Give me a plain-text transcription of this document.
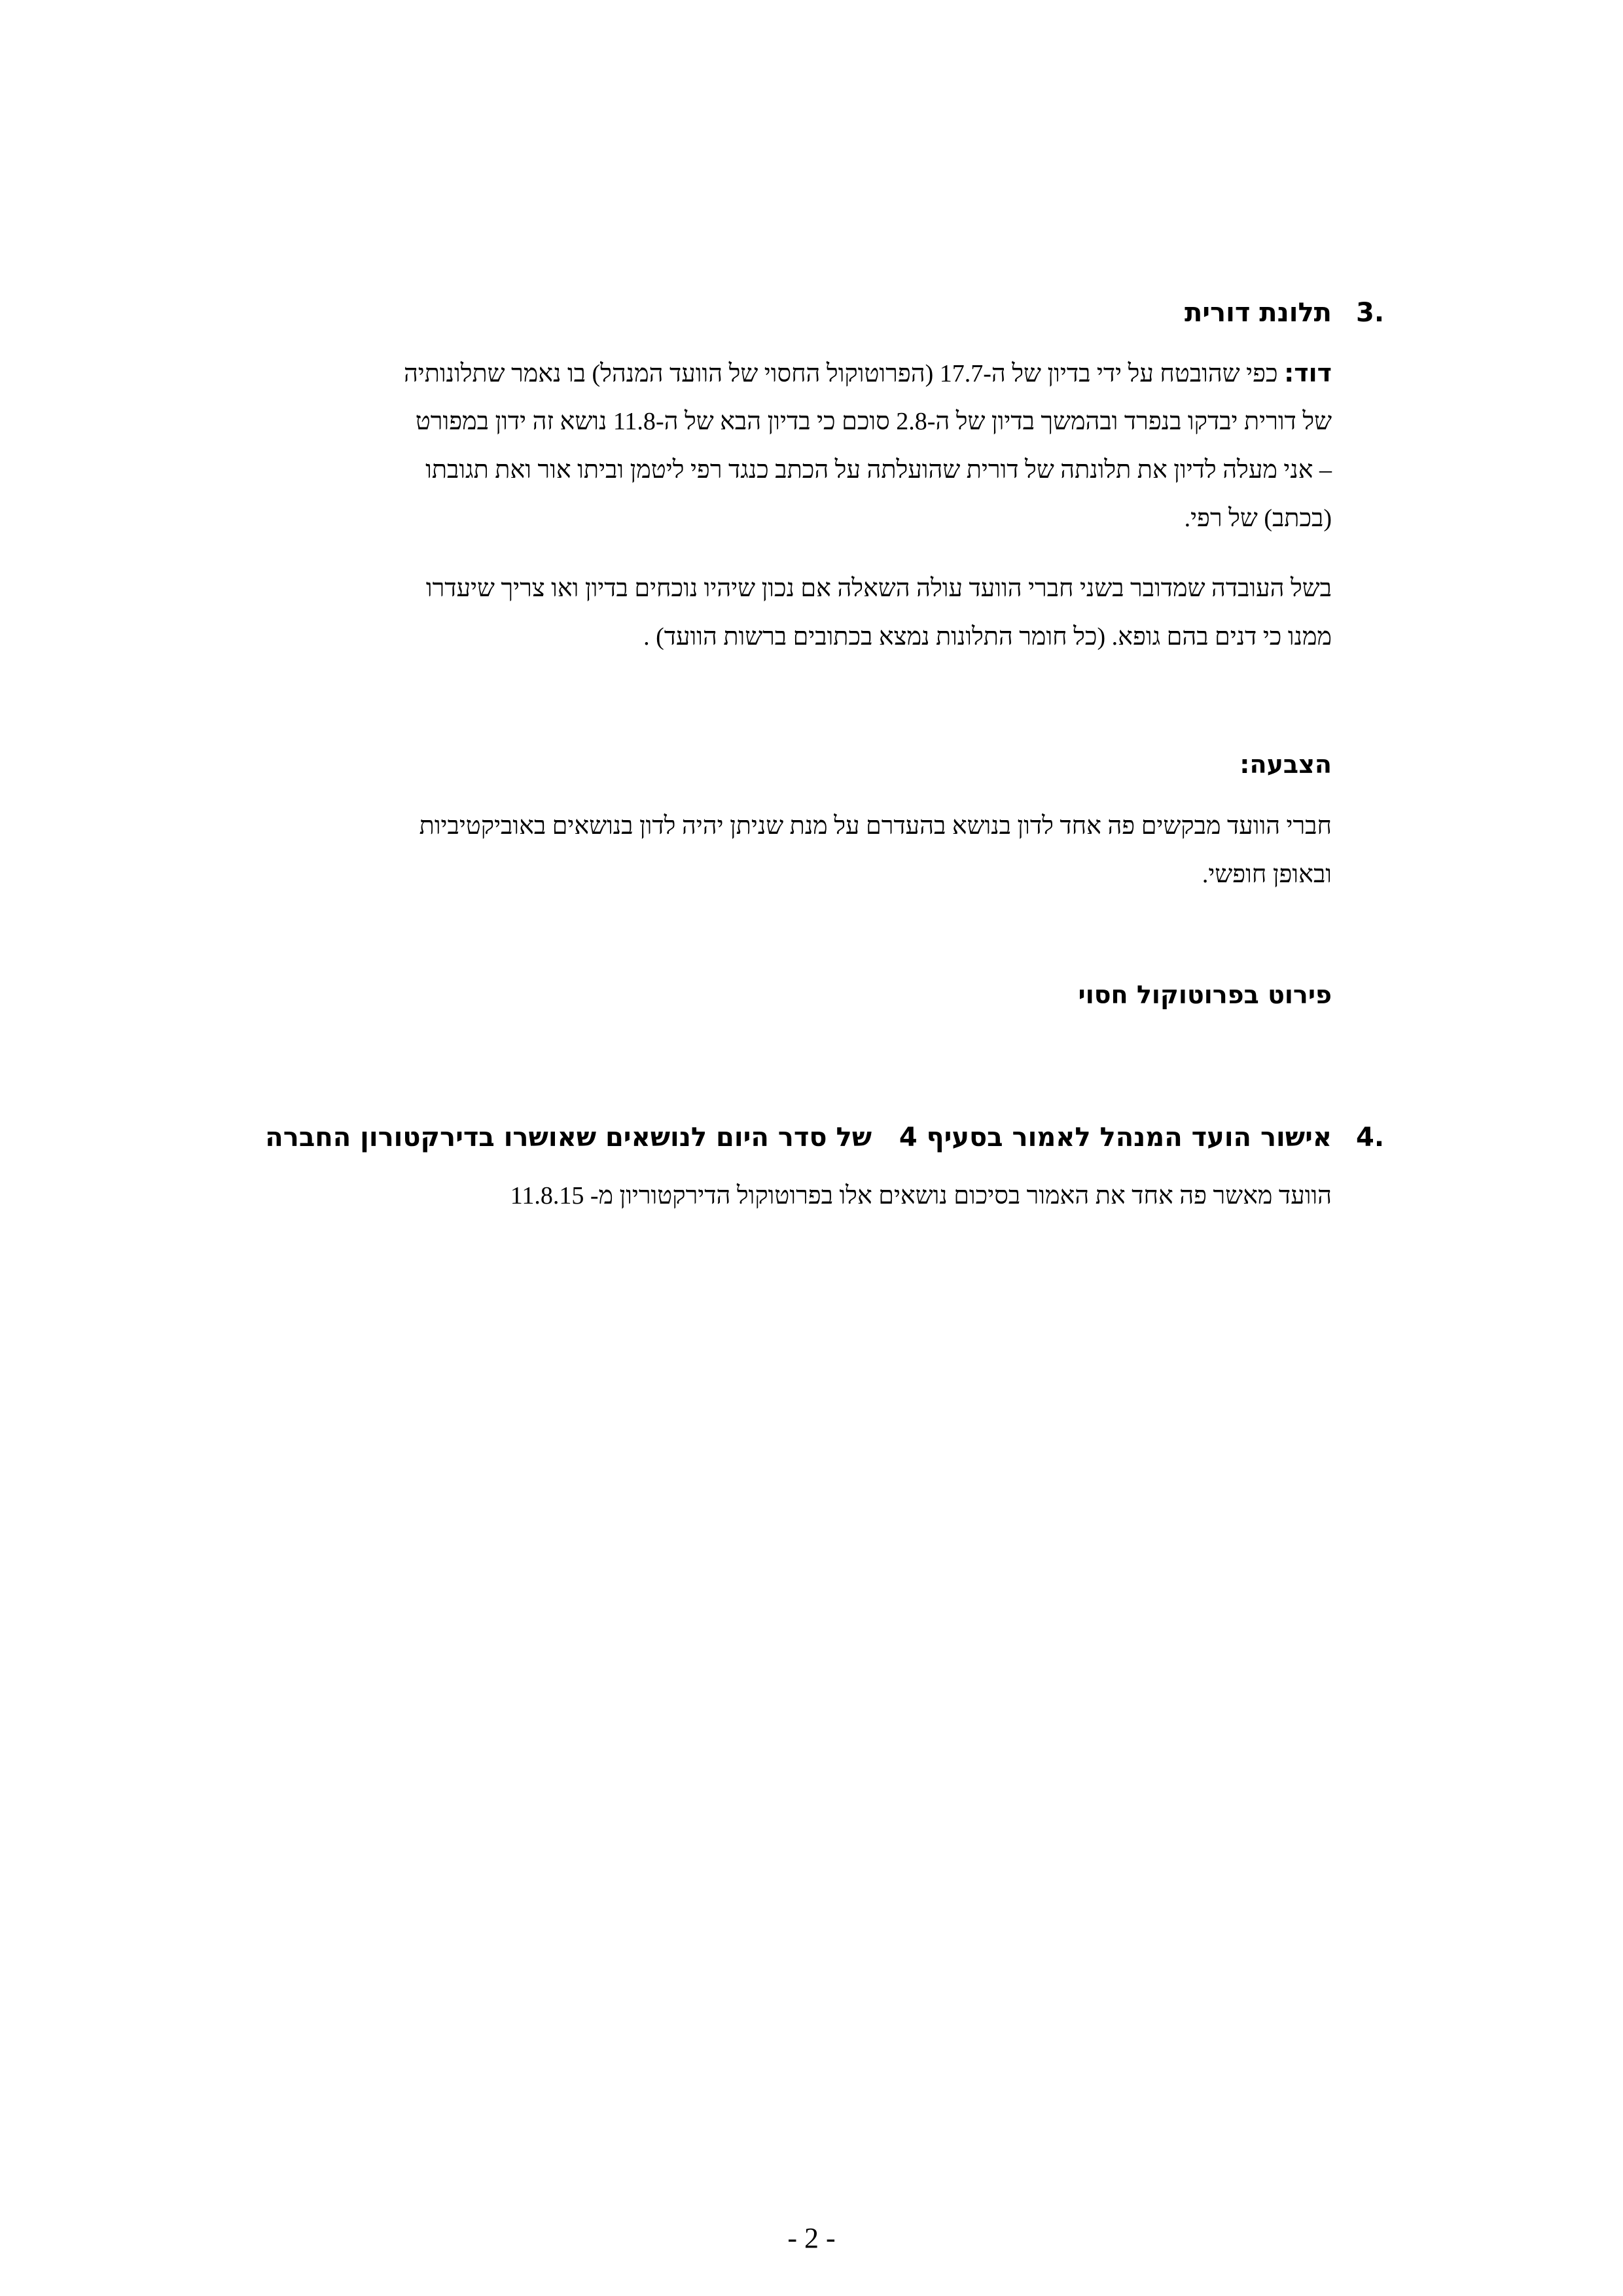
3.
תלונת דורית
דוד: כפי שהובטח על ידי בדיון של ה-17.7 (הפרוטוקול החסוי של הוועד המנהל) בו נאמר שתלונותיה
של דורית יבדקו בנפרד ובהמשך בדיון של ה-2.8 סוכם כי בדיון הבא של ה-11.8 נושא זה ידון במפורט
– אני מעלה לדיון את תלונתה של דורית שהועלתה על הכתב כנגד רפי ליטמן וביתו אור ואת תגובתו
(בכתב) של רפי.
בשל העובדה שמדובר בשני חברי הוועד עולה השאלה אם נכון שיהיו נוכחים בדיון ואו צריך שיעדרו
ממנו כי דנים בהם גופא. (כל חומר התלונות נמצא בכתובים ברשות הוועד) .
הצבעה:
חברי הוועד מבקשים פה אחד לדון בנושא בהעדרם על מנת שניתן יהיה לדון בנושאים באוביקטיביות
ובאופן חופשי.
פירוט בפרוטוקול חסוי
4.
אישור הועד המנהל לאמור בסעיף 4   של סדר היום לנושאים שאושרו בדירקטורון החברה
הוועד מאשר פה אחד את האמור בסיכום נושאים אלו בפרוטוקול הדירקטוריון מ- 11.8.15
- 2 -
